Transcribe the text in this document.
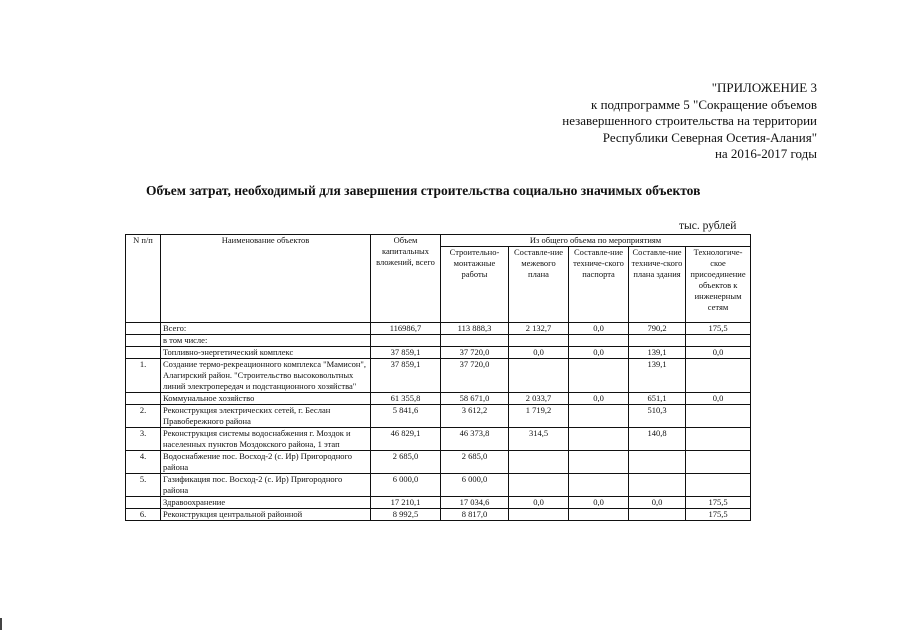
"ПРИЛОЖЕНИЕ 3
к подпрограмме 5 "Сокращение объемов
незавершенного строительства на территории
Республики Северная Осетия-Алания"
на 2016-2017 годы
Объем затрат, необходимый для завершения строительства социально значимых объектов
тыс. рублей
N п/п	Наименование объектов	Объем капитальных вложений, всего	Из общего объема по мероприятиям				
			Строительно-монтажные работы	Составле-ние межевого плана	Составле-ние техниче-ского паспорта	Составле-ние техниче-ского плана здания	Технологиче-ское присоединение объектов к инженерным сетям
	Всего:	116986,7	113 888,3	2 132,7	0,0	790,2	175,5
	в том числе:						
	Топливно-энергетический комплекс	37 859,1	37 720,0	0,0	0,0	139,1	0,0
1.	Создание термо-рекреационного комплекса "Мамисон", Алагирский район. "Строительство высоковольтных линий электропередач и подстанционного хозяйства"	37 859,1	37 720,0			139,1	
	Коммунальное хозяйство	61 355,8	58 671,0	2 033,7	0,0	651,1	0,0
2.	Реконструкция электрических сетей, г. Беслан Правобережного района	5 841,6	3 612,2	1 719,2		510,3	
3.	Реконструкция системы водоснабжения г. Моздок и населенных пунктов Моздокского района, 1 этап	46 829,1	46 373,8	314,5		140,8	
4.	Водоснабжение пос. Восход-2 (с. Ир) Пригородного района	2 685,0	2 685,0				
5.	Газификация пос. Восход-2 (с. Ир) Пригородного района	6 000,0	6 000,0				
	Здравоохранение	17 210,1	17 034,6	0,0	0,0	0,0	175,5
6.	Реконструкция центральной районной	8 992,5	8 817,0				175,5
